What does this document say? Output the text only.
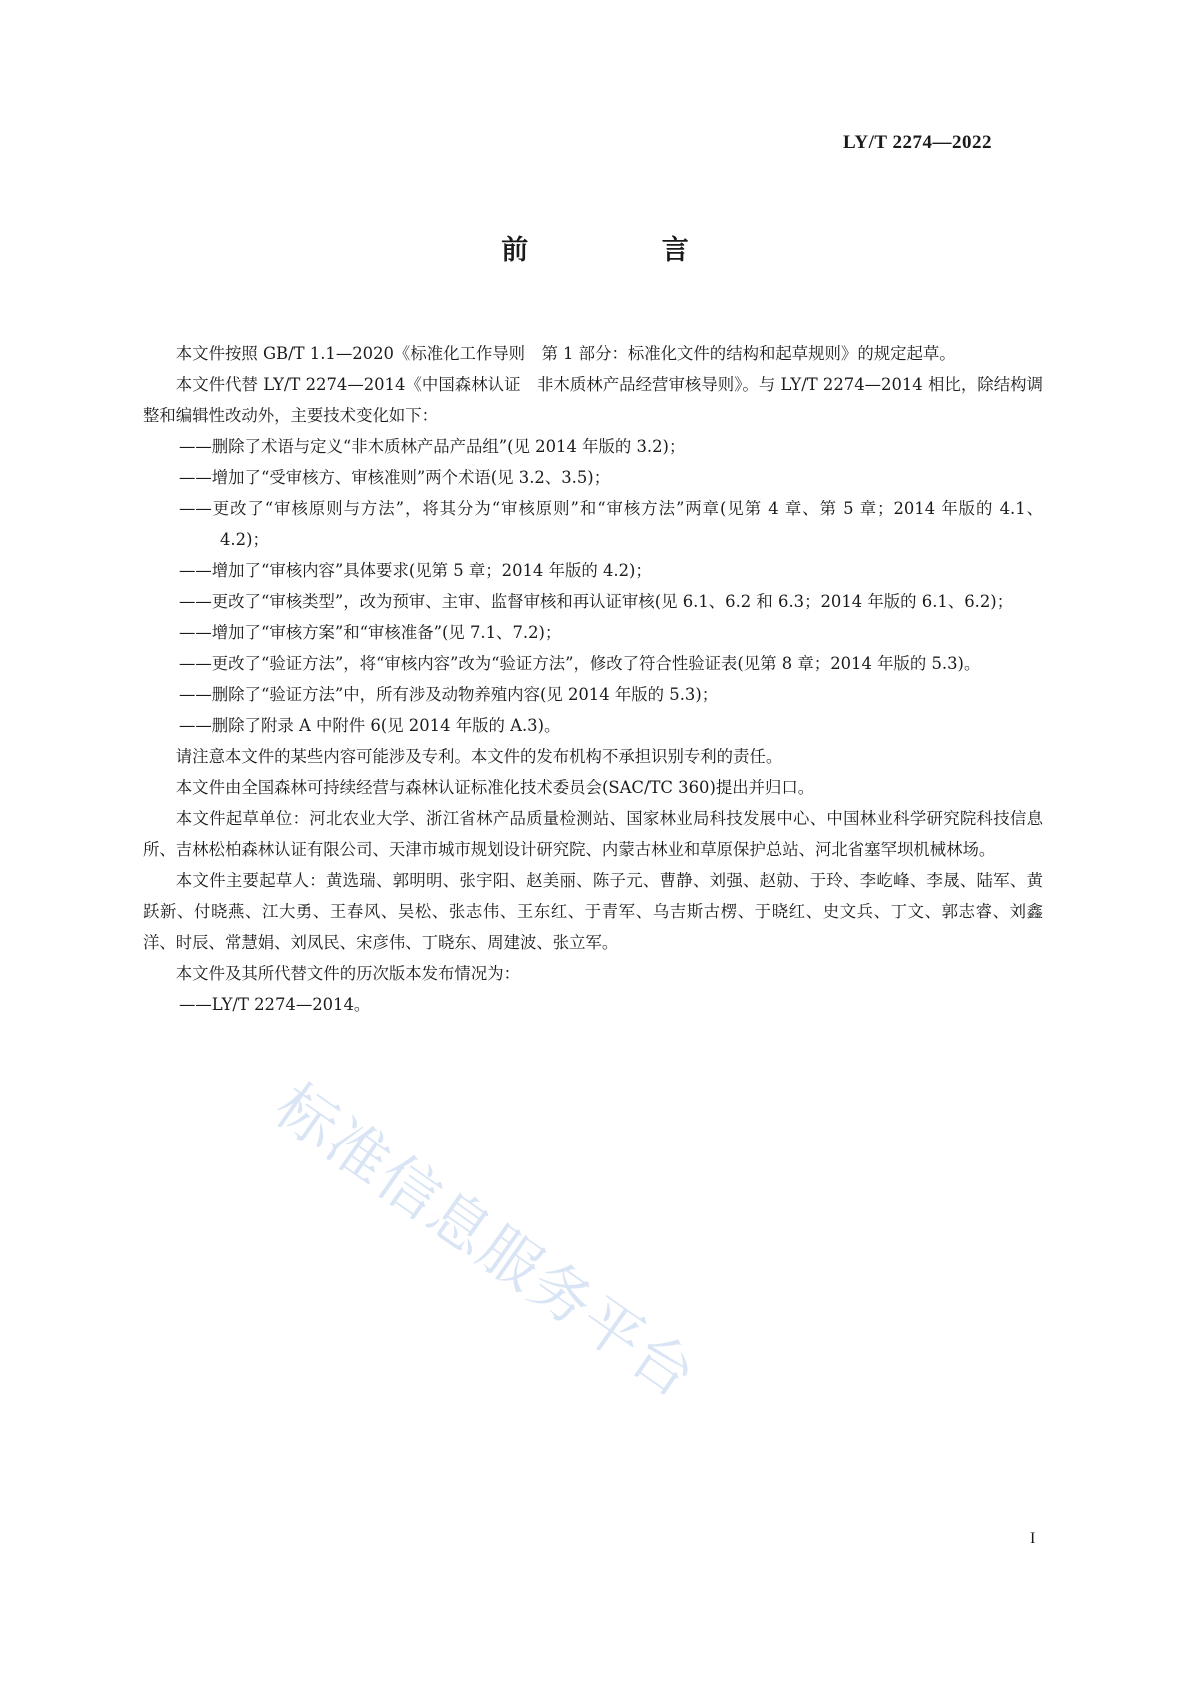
LY/T 2274—2022
前 言

本文件按照 GB/T 1.1—2020《标准化工作导则　第 1 部分：标准化文件的结构和起草规则》的规定起草。

本文件代替 LY/T 2274—2014《中国森林认证　非木质林产品经营审核导则》。与 LY/T 2274—2014 相比，除结构调整和编辑性改动外，主要技术变化如下：

——删除了术语与定义“非木质林产品产品组”(见 2014 年版的 3.2)；

——增加了“受审核方、审核准则”两个术语(见 3.2、3.5)；

——更改了“审核原则与方法”，将其分为“审核原则”和“审核方法”两章(见第 4 章、第 5 章；2014 年版的 4.1、4.2)；

——增加了“审核内容”具体要求(见第 5 章；2014 年版的 4.2)；

——更改了“审核类型”，改为预审、主审、监督审核和再认证审核(见 6.1、6.2 和 6.3；2014 年版的 6.1、6.2)；

——增加了“审核方案”和“审核准备”(见 7.1、7.2)；

——更改了“验证方法”，将“审核内容”改为“验证方法”，修改了符合性验证表(见第 8 章；2014 年版的 5.3)。

——删除了“验证方法”中，所有涉及动物养殖内容(见 2014 年版的 5.3)；

——删除了附录 A 中附件 6(见 2014 年版的 A.3)。

请注意本文件的某些内容可能涉及专利。本文件的发布机构不承担识别专利的责任。

本文件由全国森林可持续经营与森林认证标准化技术委员会(SAC/TC 360)提出并归口。

本文件起草单位：河北农业大学、浙江省林产品质量检测站、国家林业局科技发展中心、中国林业科学研究院科技信息所、吉林松柏森林认证有限公司、天津市城市规划设计研究院、内蒙古林业和草原保护总站、河北省塞罕坝机械林场。

本文件主要起草人：黄选瑞、郭明明、张宇阳、赵美丽、陈子元、曹静、刘强、赵勍、于玲、李屹峰、李晟、陆军、黄跃新、付晓燕、江大勇、王春风、吴松、张志伟、王东红、于青军、乌吉斯古楞、于晓红、史文兵、丁文、郭志睿、刘鑫洋、时辰、常慧娟、刘凤民、宋彦伟、丁晓东、周建波、张立军。

本文件及其所代替文件的历次版本发布情况为：

——LY/T 2274—2014。

标准信息服务平台
I
